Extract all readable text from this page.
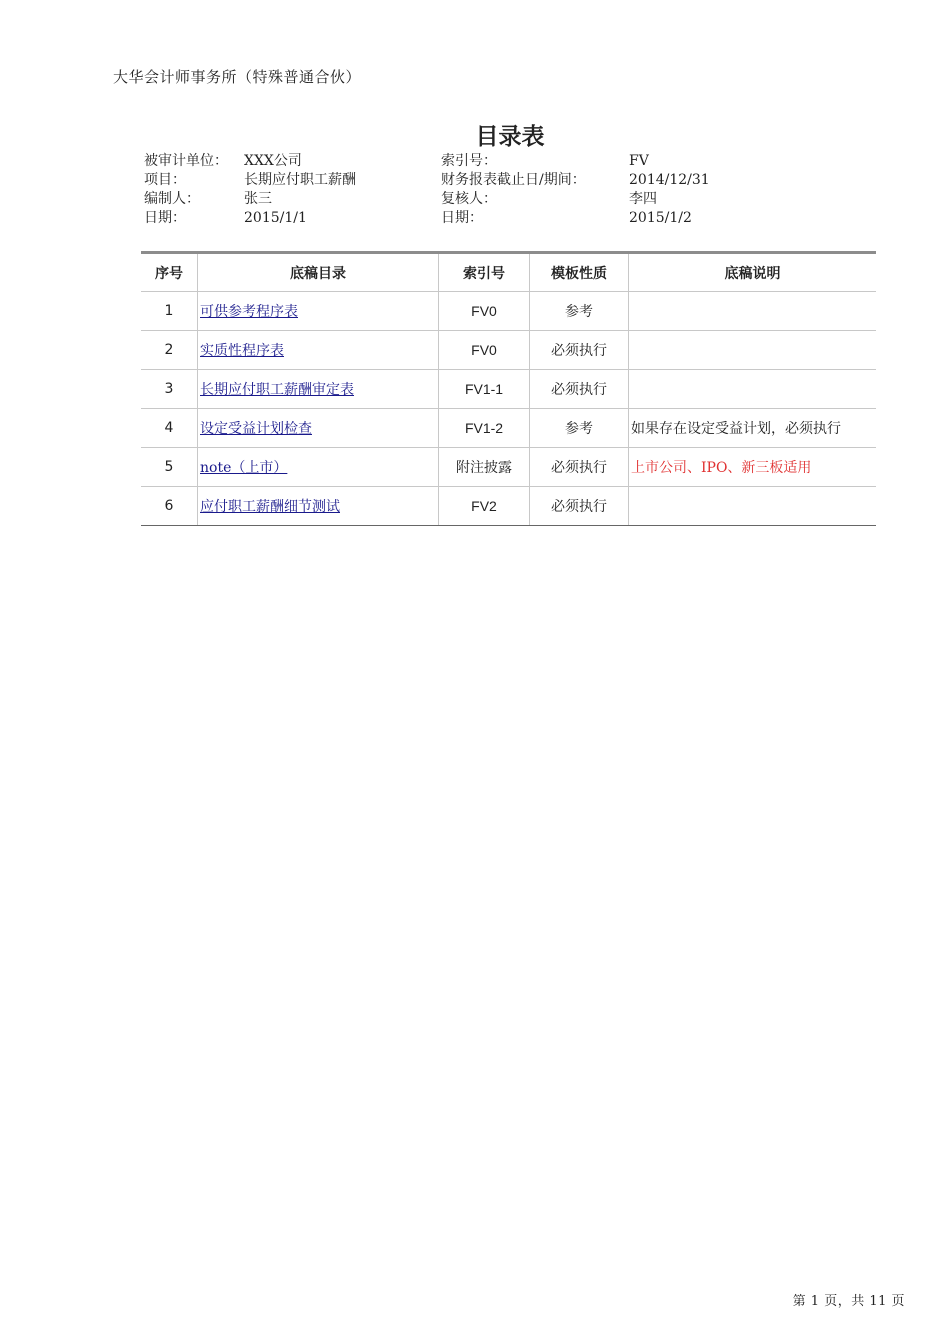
大华会计师事务所（特殊普通合伙）
目录表
被审计单位： XXX公司	索引号：	FV
项目：	长期应付职工薪酬	财务报表截止日/期间：	2014/12/31
编制人：	张三	复核人：	李四
日期：	2015/1/1	日期：	2015/1/2
序号	底稿目录	索引号	模板性质	底稿说明
1	可供参考程序表	FV0	参考	
2	实质性程序表	FV0	必须执行	
3	长期应付职工薪酬审定表	FV1-1	必须执行	
4	设定受益计划检查	FV1-2	参考	如果存在设定受益计划，必须执行
5	note（上市）	附注披露	必须执行	上市公司、IPO、新三板适用
6	应付职工薪酬细节测试	FV2	必须执行	
第 1 页，共 11 页
